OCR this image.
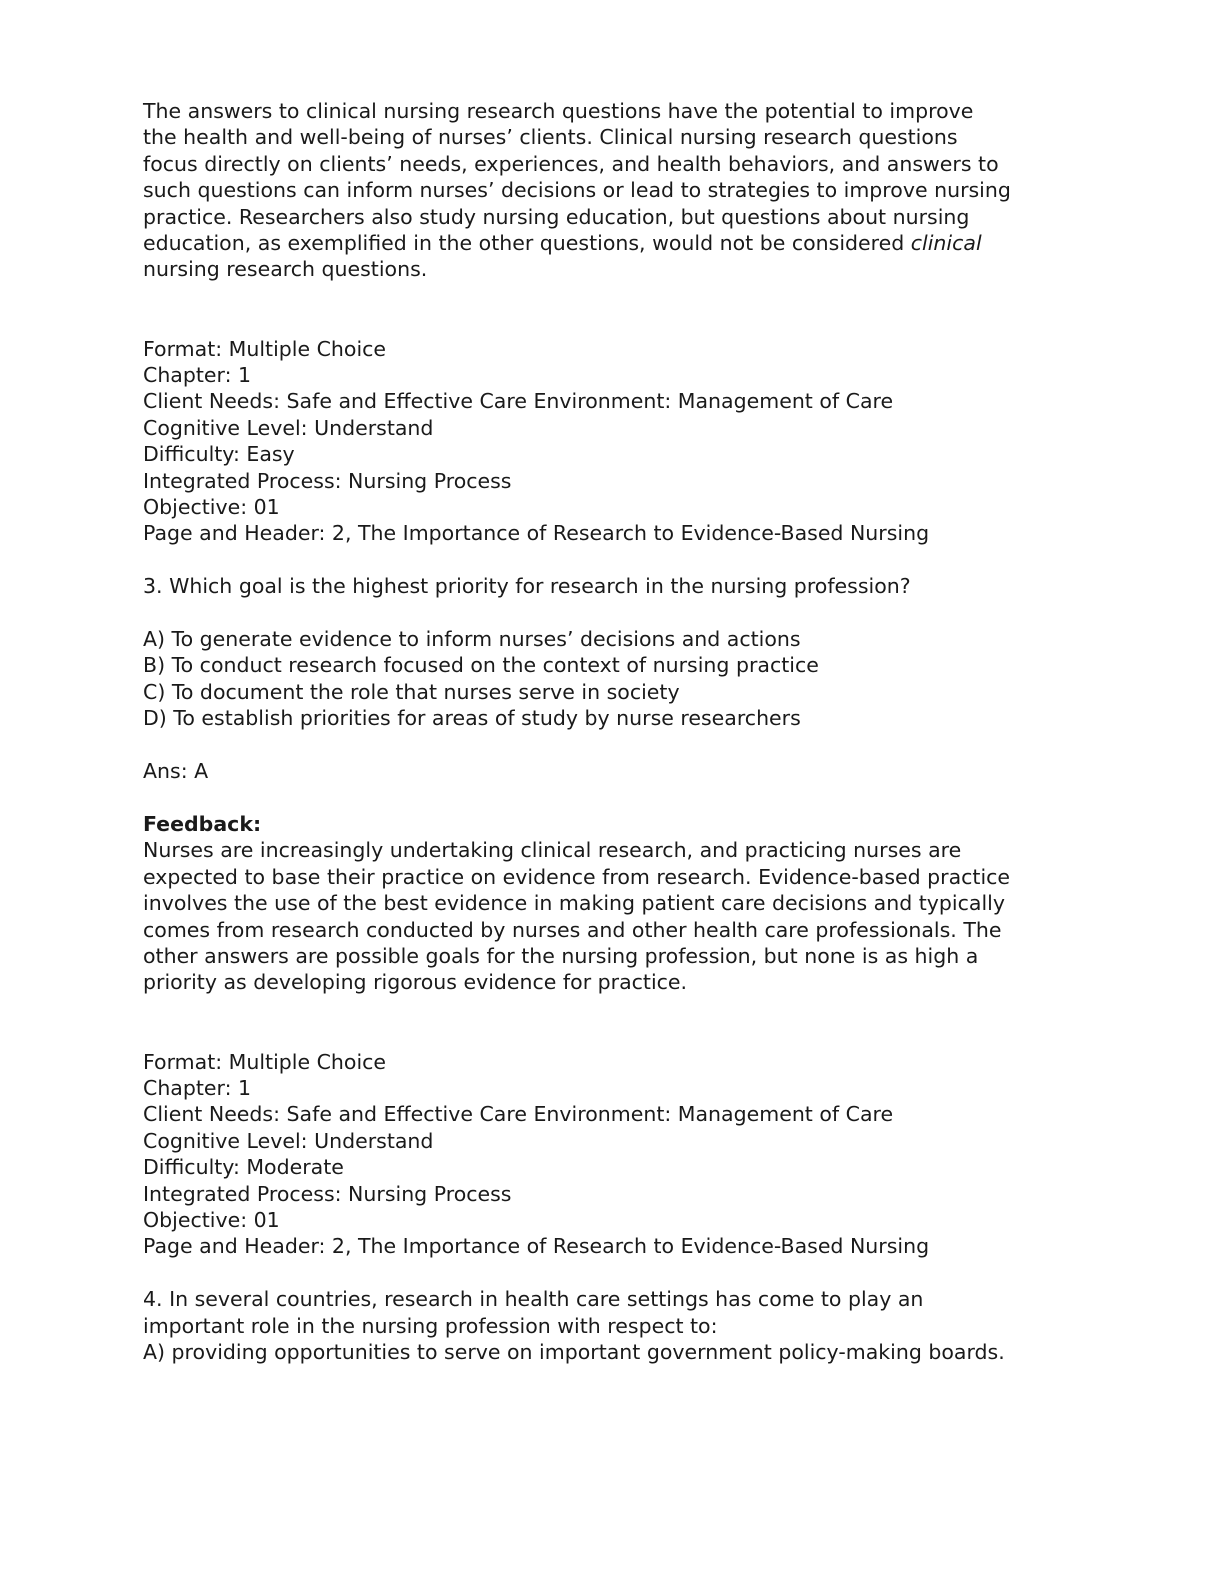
The answers to clinical nursing research questions have the potential to improve
the health and well-being of nurses’ clients. Clinical nursing research questions
focus directly on clients’ needs, experiences, and health behaviors, and answers to
such questions can inform nurses’ decisions or lead to strategies to improve nursing
practice. Researchers also study nursing education, but questions about nursing
education, as exemplified in the other questions, would not be considered clinical
nursing research questions.
Format: Multiple Choice
Chapter: 1
Client Needs: Safe and Effective Care Environment: Management of Care
Cognitive Level: Understand
Difficulty: Easy
Integrated Process: Nursing Process
Objective: 01
Page and Header: 2, The Importance of Research to Evidence-Based Nursing
3. Which goal is the highest priority for research in the nursing profession?
A) To generate evidence to inform nurses’ decisions and actions
B) To conduct research focused on the context of nursing practice
C) To document the role that nurses serve in society
D) To establish priorities for areas of study by nurse researchers
Ans: A
Feedback:
Nurses are increasingly undertaking clinical research, and practicing nurses are
expected to base their practice on evidence from research. Evidence-based practice
involves the use of the best evidence in making patient care decisions and typically
comes from research conducted by nurses and other health care professionals. The
other answers are possible goals for the nursing profession, but none is as high a
priority as developing rigorous evidence for practice.
Format: Multiple Choice
Chapter: 1
Client Needs: Safe and Effective Care Environment: Management of Care
Cognitive Level: Understand
Difficulty: Moderate
Integrated Process: Nursing Process
Objective: 01
Page and Header: 2, The Importance of Research to Evidence-Based Nursing
4. In several countries, research in health care settings has come to play an
important role in the nursing profession with respect to:
A) providing opportunities to serve on important government policy-making boards.
